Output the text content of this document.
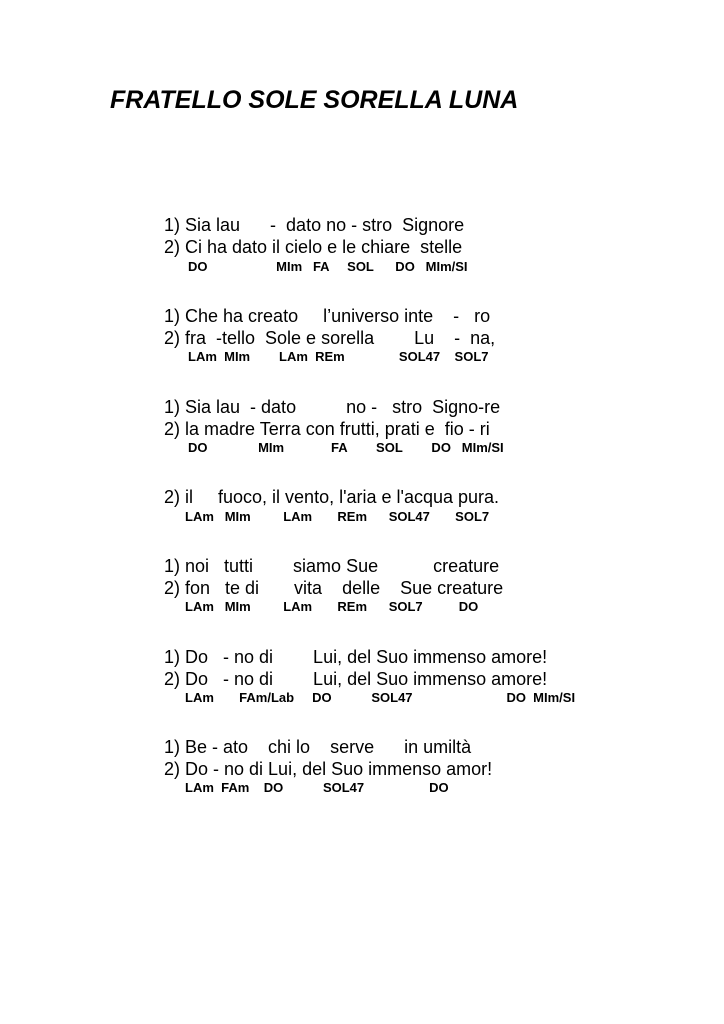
FRATELLO SOLE SORELLA LUNA
1) Sia lau      -  dato no - stro  Signore
2) Ci ha dato il cielo e le chiare  stelle
DO                   MIm   FA     SOL      DO   MIm/SI
1) Che ha creato     l’universo inte    -   ro
2) fra  -tello  Sole e sorella        Lu    -  na,
LAm  MIm        LAm  REm               SOL47    SOL7
1) Sia lau  - dato          no -   stro  Signo-re
2) la madre Terra con frutti, prati e  fio - ri
DO              MIm             FA        SOL        DO   MIm/SI
2) il     fuoco, il vento, l'aria e l'acqua pura.
LAm   MIm         LAm       REm      SOL47       SOL7
1) noi   tutti        siamo Sue           creature
2) fon   te di       vita    delle    Sue creature
LAm   MIm         LAm       REm      SOL7          DO
1) Do   - no di        Lui, del Suo immenso amore!
2) Do   - no di        Lui, del Suo immenso amore!
LAm       FAm/Lab     DO           SOL47                          DO  MIm/SI
1) Be - ato    chi lo    serve      in umiltà
2) Do - no di Lui, del Suo immenso amor!
LAm  FAm    DO           SOL47                  DO
